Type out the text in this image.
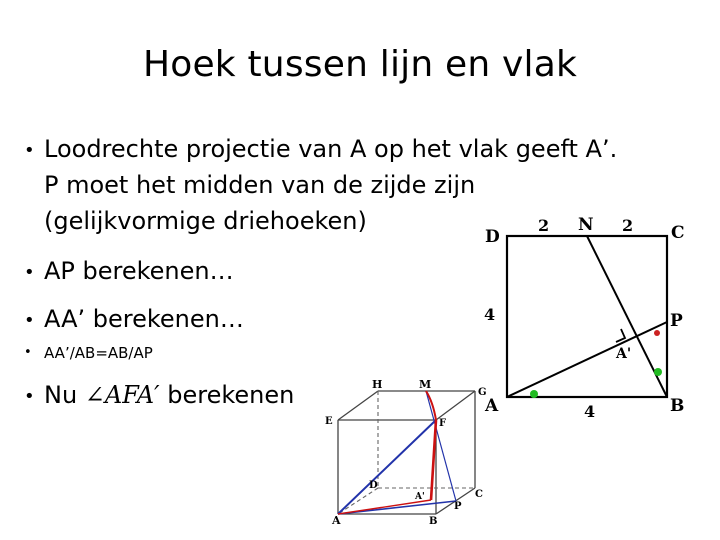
Hoek tussen lijn en vlak
• Loodrechte projectie van A op het vlak geeft A’.
P moet het midden van de zijde zijn
(gelijkvormige driehoeken)
• AP berekenen…
• AA’ berekenen…
• AA’/AB=AB/AP
• Nu ∠AFA′ berekenen
D	C
N
P
A'
A	B
2	2
4
4
H	M
G
E	F
D
A'	C
P
A	B
